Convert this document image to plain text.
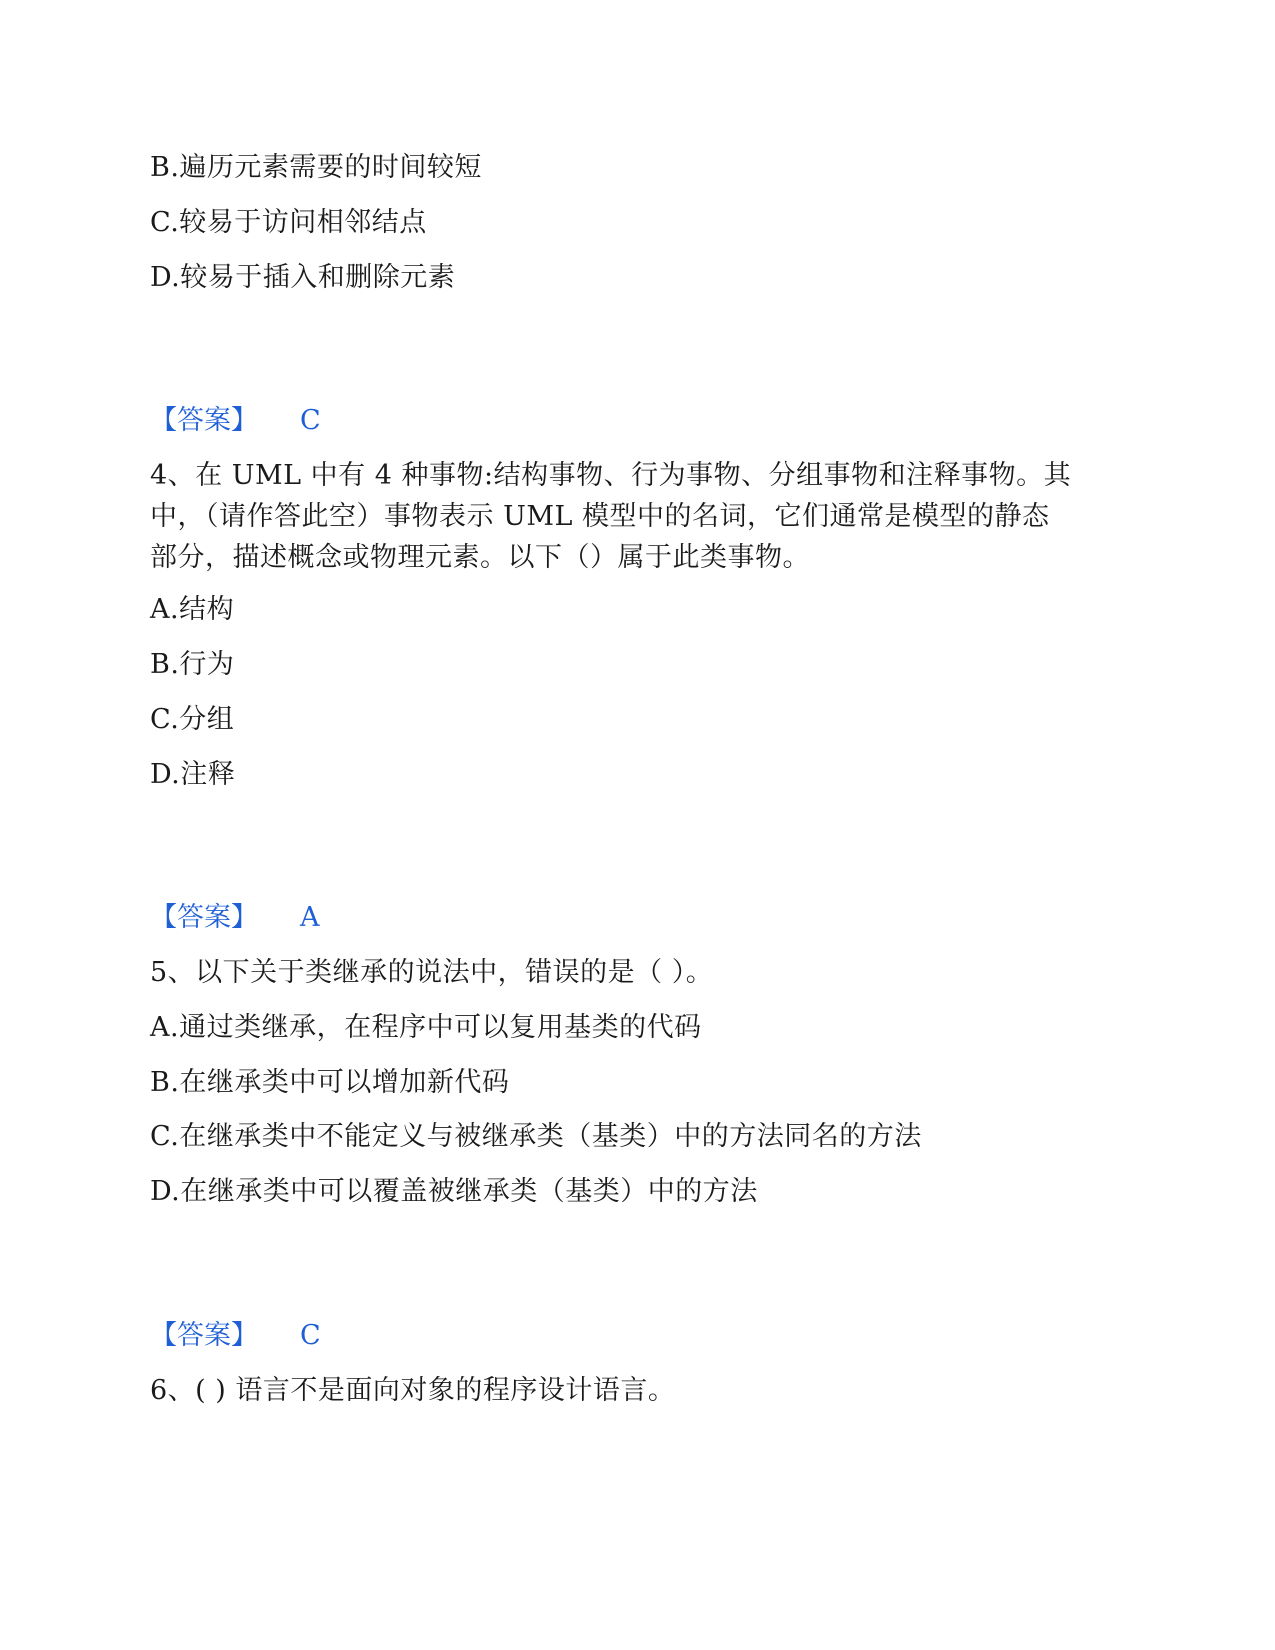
B.遍历元素需要的时间较短
C.较易于访问相邻结点
D.较易于插入和删除元素
【答案】 C
4、在 UML 中有 4 种事物:结构事物、行为事物、分组事物和注释事物。其
中，（请作答此空）事物表示 UML 模型中的名词，它们通常是模型的静态
部分，描述概念或物理元素。以下（）属于此类事物。
A.结构
B.行为
C.分组
D.注释
【答案】 A
5、以下关于类继承的说法中，错误的是（ ）。
A.通过类继承，在程序中可以复用基类的代码
B.在继承类中可以增加新代码
C.在继承类中不能定义与被继承类（基类）中的方法同名的方法
D.在继承类中可以覆盖被继承类（基类）中的方法
【答案】 C
6、( ) 语言不是面向对象的程序设计语言。
